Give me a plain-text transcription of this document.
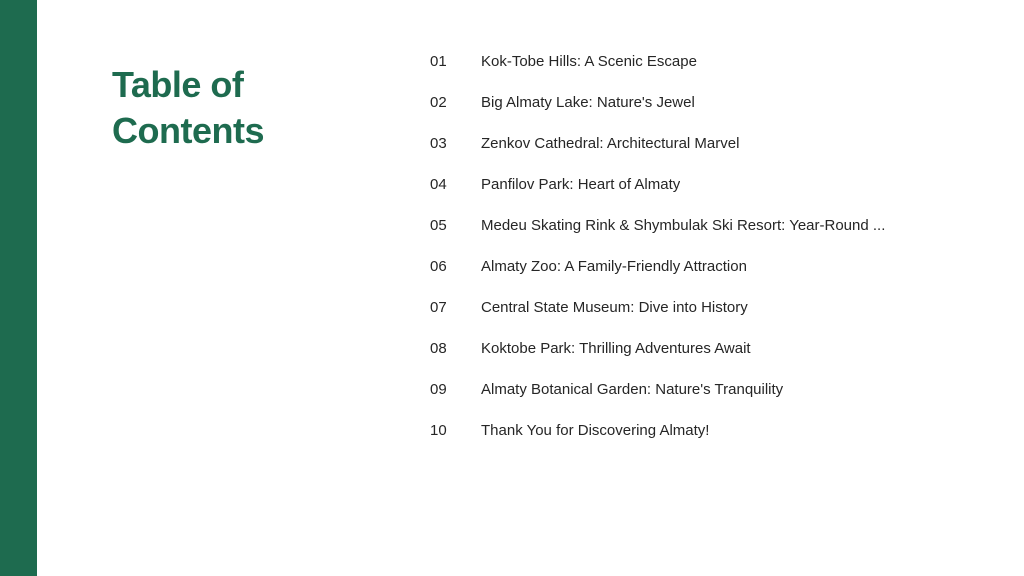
Table of Contents
01	Kok-Tobe Hills: A Scenic Escape
02	Big Almaty Lake: Nature's Jewel
03	Zenkov Cathedral: Architectural Marvel
04	Panfilov Park: Heart of Almaty
05	Medeu Skating Rink & Shymbulak Ski Resort: Year-Round ...
06	Almaty Zoo: A Family-Friendly Attraction
07	Central State Museum: Dive into History
08	Koktobe Park: Thrilling Adventures Await
09	Almaty Botanical Garden: Nature's Tranquility
10	Thank You for Discovering Almaty!
